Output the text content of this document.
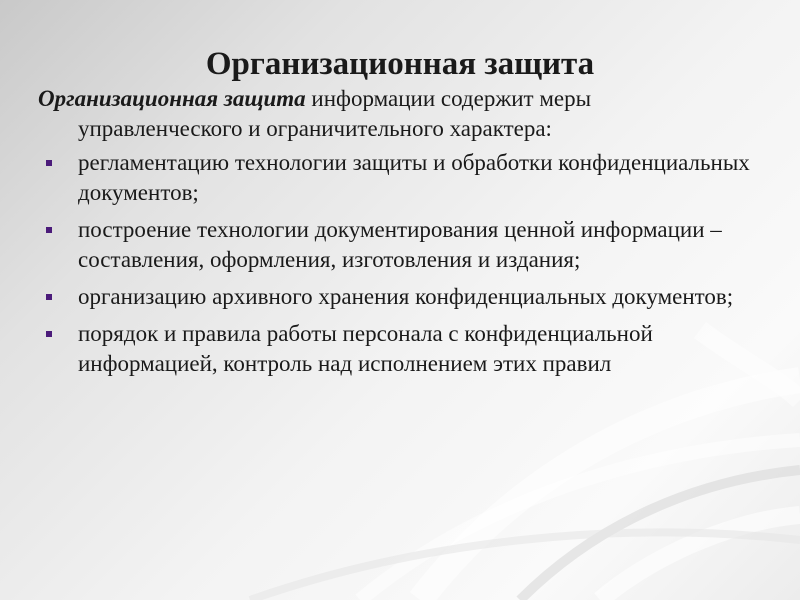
Организационная защита

Организационная защита информации содержит меры управленческого и ограничительного характера:

регламентацию технологии защиты и обработки конфиденциальных документов;
построение технологии документирования ценной информации – составления, оформления, изготовления и издания;
организацию архивного хранения конфиденциальных документов;
порядок и правила работы персонала с конфиденциальной информацией, контроль над исполнением этих правил
